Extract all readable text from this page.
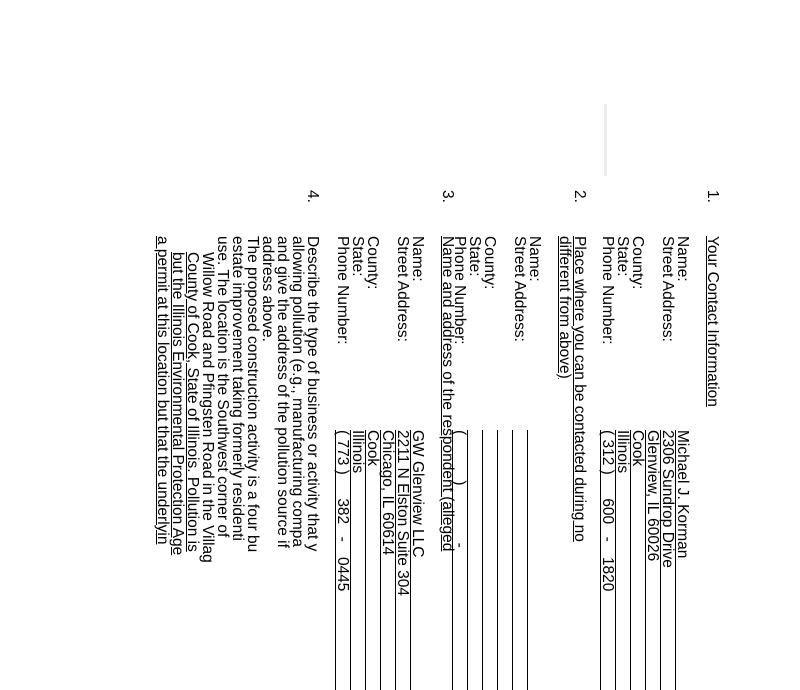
1.
Your Contact Information
Name:
Michael J. Korman
Street Address:
2306 Sundrop Drive
Glenview, IL 60026
County:
Cook
State:
Illinois
Phone Number:
( 312 ) 600 - 1820
2.
Place where you can be contacted during no
different from above)
Name:
Street Address:
County:
State:
Phone Number:
( ) -
3.
Name and address of the respondent (alleged
Name:
GW Glenview LLC
Street Address:
2211 N Elston Suite 304
Chicago, IL 60614
County:
Cook
State:
Illinois
Phone Number:
( 773 ) 382 - 0445
4.
Describe the type of business or activity that y
allowing pollution (e.g., manufacturing compa
and give the address of the pollution source if
address above.
The proposed construction activity is a four bu
estate improvement taking formerly residenti
use. The location is the Southwest corner of
Willow Road and Pfingsten Road in the Villag
County of Cook, State of Illinois. Pollution is
but the Illinois Environmental Protection Age
a permit at this location but that the underlyin
